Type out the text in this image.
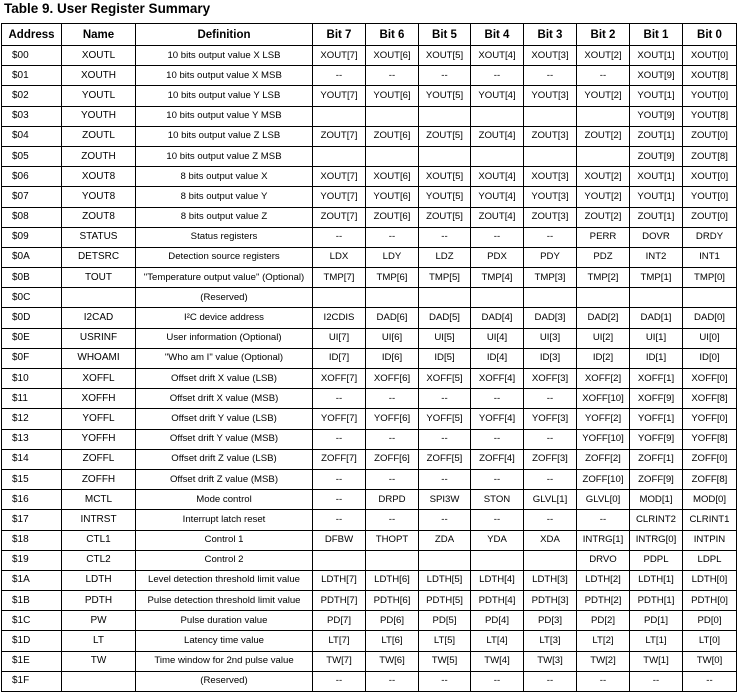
Table 9. User Register Summary
Address	Name	Definition	Bit 7	Bit 6	Bit 5	Bit 4	Bit 3	Bit 2	Bit 1	Bit 0
$00	XOUTL	10 bits output value X LSB	XOUT[7]	XOUT[6]	XOUT[5]	XOUT[4]	XOUT[3]	XOUT[2]	XOUT[1]	XOUT[0]
$01	XOUTH	10 bits output value X MSB	--	--	--	--	--	--	XOUT[9]	XOUT[8]
$02	YOUTL	10 bits output value Y LSB	YOUT[7]	YOUT[6]	YOUT[5]	YOUT[4]	YOUT[3]	YOUT[2]	YOUT[1]	YOUT[0]
$03	YOUTH	10 bits output value Y MSB							YOUT[9]	YOUT[8]
$04	ZOUTL	10 bits output value Z LSB	ZOUT[7]	ZOUT[6]	ZOUT[5]	ZOUT[4]	ZOUT[3]	ZOUT[2]	ZOUT[1]	ZOUT[0]
$05	ZOUTH	10 bits output value Z MSB							ZOUT[9]	ZOUT[8]
$06	XOUT8	8 bits output value X	XOUT[7]	XOUT[6]	XOUT[5]	XOUT[4]	XOUT[3]	XOUT[2]	XOUT[1]	XOUT[0]
$07	YOUT8	8 bits output value Y	YOUT[7]	YOUT[6]	YOUT[5]	YOUT[4]	YOUT[3]	YOUT[2]	YOUT[1]	YOUT[0]
$08	ZOUT8	8 bits output value Z	ZOUT[7]	ZOUT[6]	ZOUT[5]	ZOUT[4]	ZOUT[3]	ZOUT[2]	ZOUT[1]	ZOUT[0]
$09	STATUS	Status registers	--	--	--	--	--	PERR	DOVR	DRDY
$0A	DETSRC	Detection source registers	LDX	LDY	LDZ	PDX	PDY	PDZ	INT2	INT1
$0B	TOUT	"Temperature output value" (Optional)	TMP[7]	TMP[6]	TMP[5]	TMP[4]	TMP[3]	TMP[2]	TMP[1]	TMP[0]
$0C		(Reserved)								
$0D	I2CAD	I²C device address	I2CDIS	DAD[6]	DAD[5]	DAD[4]	DAD[3]	DAD[2]	DAD[1]	DAD[0]
$0E	USRINF	User information (Optional)	UI[7]	UI[6]	UI[5]	UI[4]	UI[3]	UI[2]	UI[1]	UI[0]
$0F	WHOAMI	"Who am I" value (Optional)	ID[7]	ID[6]	ID[5]	ID[4]	ID[3]	ID[2]	ID[1]	ID[0]
$10	XOFFL	Offset drift X value (LSB)	XOFF[7]	XOFF[6]	XOFF[5]	XOFF[4]	XOFF[3]	XOFF[2]	XOFF[1]	XOFF[0]
$11	XOFFH	Offset drift X value (MSB)	--	--	--	--	--	XOFF[10]	XOFF[9]	XOFF[8]
$12	YOFFL	Offset drift Y value (LSB)	YOFF[7]	YOFF[6]	YOFF[5]	YOFF[4]	YOFF[3]	YOFF[2]	YOFF[1]	YOFF[0]
$13	YOFFH	Offset drift Y value (MSB)	--	--	--	--	--	YOFF[10]	YOFF[9]	YOFF[8]
$14	ZOFFL	Offset drift Z value (LSB)	ZOFF[7]	ZOFF[6]	ZOFF[5]	ZOFF[4]	ZOFF[3]	ZOFF[2]	ZOFF[1]	ZOFF[0]
$15	ZOFFH	Offset drift Z value (MSB)	--	--	--	--	--	ZOFF[10]	ZOFF[9]	ZOFF[8]
$16	MCTL	Mode control	--	DRPD	SPI3W	STON	GLVL[1]	GLVL[0]	MOD[1]	MOD[0]
$17	INTRST	Interrupt latch reset	--	--	--	--	--	--	CLRINT2	CLRINT1
$18	CTL1	Control 1	DFBW	THOPT	ZDA	YDA	XDA	INTRG[1]	INTRG[0]	INTPIN
$19	CTL2	Control 2						DRVO	PDPL	LDPL
$1A	LDTH	Level detection threshold limit value	LDTH[7]	LDTH[6]	LDTH[5]	LDTH[4]	LDTH[3]	LDTH[2]	LDTH[1]	LDTH[0]
$1B	PDTH	Pulse detection threshold limit value	PDTH[7]	PDTH[6]	PDTH[5]	PDTH[4]	PDTH[3]	PDTH[2]	PDTH[1]	PDTH[0]
$1C	PW	Pulse duration value	PD[7]	PD[6]	PD[5]	PD[4]	PD[3]	PD[2]	PD[1]	PD[0]
$1D	LT	Latency time value	LT[7]	LT[6]	LT[5]	LT[4]	LT[3]	LT[2]	LT[1]	LT[0]
$1E	TW	Time window for 2nd pulse value	TW[7]	TW[6]	TW[5]	TW[4]	TW[3]	TW[2]	TW[1]	TW[0]
$1F		(Reserved)	--	--	--	--	--	--	--	--
